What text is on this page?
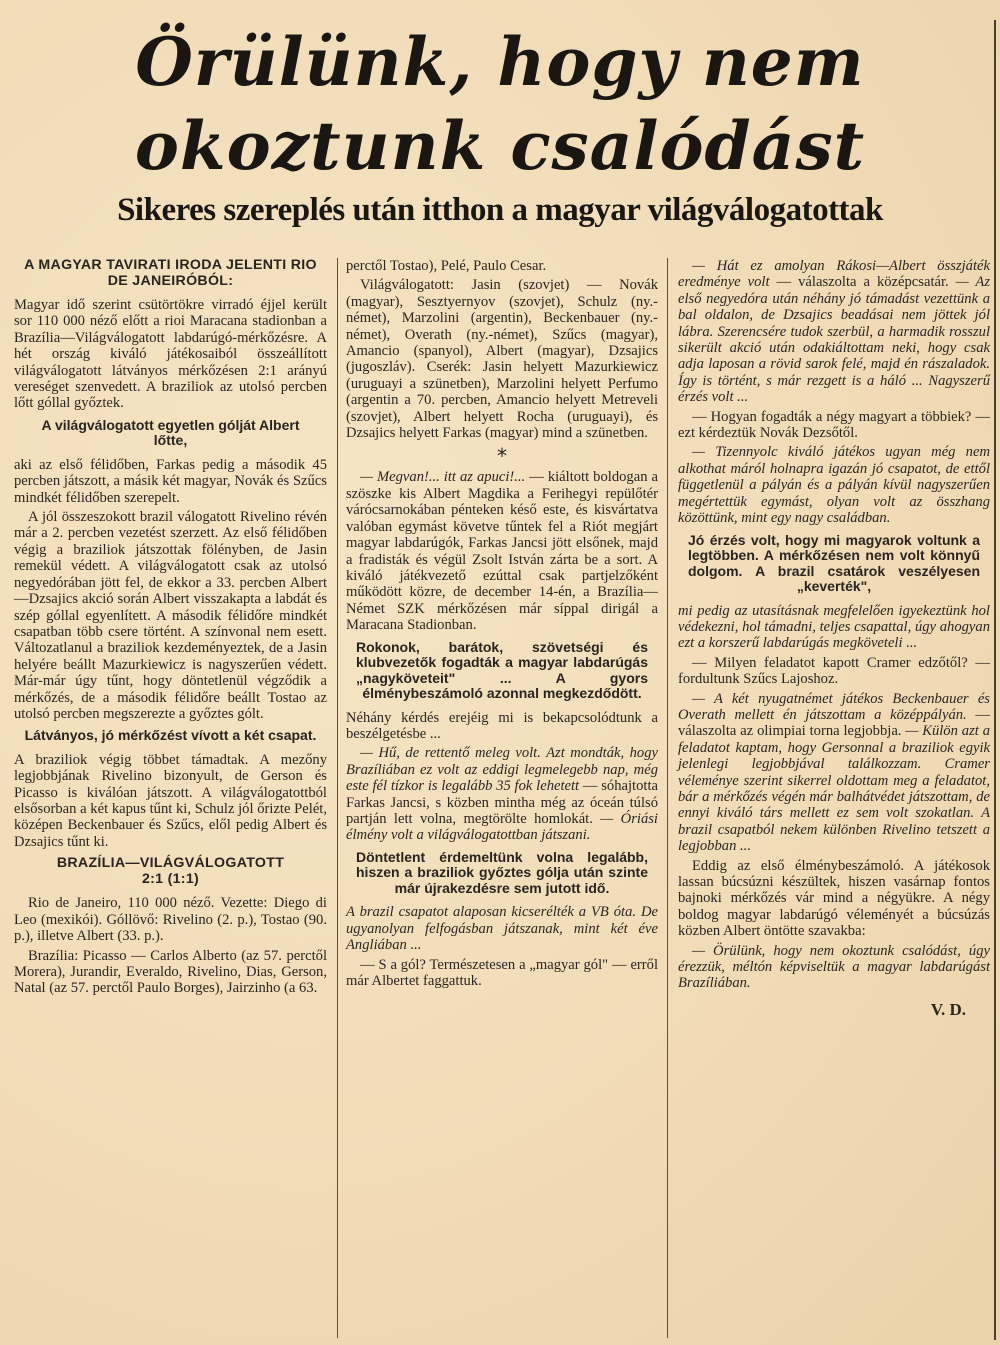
Örülünk, hogy nem
okoztunk csalódást
Sikeres szereplés után itthon a magyar világválogatottak
A MAGYAR TAVIRATI IRODA JELENTI RIO DE JANEIRÓBÓL:

Magyar idő szerint csütörtökre virradó éjjel került sor 110 000 néző előtt a rioi Maracana stadionban a Brazília—Világválogatott labdarúgó-mérkőzésre. A hét ország kiváló játékosaiból összeállított világválogatott látványos mérkőzésen 2:1 arányú vereséget szenvedett. A braziliok az utolsó percben lőtt góllal győztek.

A világválogatott egyetlen gólját Albert lőtte,

aki az első félidőben, Farkas pedig a második 45 percben játszott, a másik két magyar, Novák és Szűcs mindkét félidőben szerepelt.

A jól összeszokott brazil válogatott Rivelino révén már a 2. percben vezetést szerzett. Az első félidőben végig a braziliok játszottak fölényben, de Jasin remekül védett. A világválogatott csak az utolsó negyedórában jött fel, de ekkor a 33. percben Albert—Dzsajics akció során Albert visszakapta a labdát és szép góllal egyenlített. A második félidőre mindkét csapatban több csere történt. A színvonal nem esett. Változatlanul a braziliok kezdeményeztek, de a Jasin helyére beállt Mazurkiewicz is nagyszerűen védett. Már-már úgy tűnt, hogy döntetlenül végződik a mérkőzés, de a második félidőre beállt Tostao az utolsó percben megszerezte a győztes gólt.

Látványos, jó mérkőzést vívott a két csapat.

A braziliok végig többet támadtak. A mezőny legjobbjának Rivelino bizonyult, de Gerson és Picasso is kiválóan játszott. A világválogatottból elsősorban a két kapus tűnt ki, Schulz jól őrizte Pelét, középen Beckenbauer és Szűcs, elől pedig Albert és Dzsajics tűnt ki.

BRAZÍLIA—VILÁGVÁLOGATOTT
2:1 (1:1)

Rio de Janeiro, 110 000 néző. Vezette: Diego di Leo (mexikói). Góllövő: Rivelino (2. p.), Tostao (90. p.), illetve Albert (33. p.).

Brazília: Picasso — Carlos Alberto (az 57. perctől Morera), Jurandir, Everaldo, Rivelino, Dias, Gerson, Natal (az 57. perctől Paulo Borges), Jairzinho (a 63.

perctől Tostao), Pelé, Paulo Cesar.

Világválogatott: Jasin (szovjet) — Novák (magyar), Sesztyernyov (szovjet), Schulz (ny.-német), Marzolini (argentin), Beckenbauer (ny.-német), Overath (ny.-német), Szűcs (magyar), Amancio (spanyol), Albert (magyar), Dzsajics (jugoszláv). Cserék: Jasin helyett Mazurkiewicz (uruguayi a szünetben), Marzolini helyett Perfumo (argentin a 70. percben, Amancio helyett Metreveli (szovjet), Albert helyett Rocha (uruguayi), és Dzsajics helyett Farkas (magyar) mind a szünetben.

*

— Megvan!... itt az apuci!... — kiáltott boldogan a szöszke kis Albert Magdika a Ferihegyi repülőtér várócsarnokában pénteken késő este, és kisvártatva valóban egymást követve tűntek fel a Riót megjárt magyar labdarúgók, Farkas Jancsi jött elsőnek, majd a fradisták és végül Zsolt István zárta be a sort. A kiváló játékvezető ezúttal csak partjelzőként működött közre, de december 14-én, a Brazília—Német SZK mérkőzésen már síppal dirigál a Maracana Stadionban.

Rokonok, barátok, szövetségi és klubvezetők fogadták a magyar labdarúgás „nagyköveteit" ... A gyors élménybeszámoló azonnal megkezdődött.

Néhány kérdés erejéig mi is bekapcsolódtunk a beszélgetésbe ...

— Hű, de rettentő meleg volt. Azt mondták, hogy Brazíliában ez volt az eddigi legmelegebb nap, még este fél tízkor is legalább 35 fok lehetett — sóhajtotta Farkas Jancsi, s közben mintha még az óceán túlsó partján lett volna, megtörölte homlokát. — Óriási élmény volt a világválogatottban játszani.

Döntetlent érdemeltünk volna legalább, hiszen a braziliok győztes gólja után szinte már újrakezdésre sem jutott idő.

A brazil csapatot alaposan kicserélték a VB óta. De ugyanolyan felfogásban játszanak, mint két éve Angliában ...

— S a gól? Természetesen a „magyar gól" — erről már Albertet faggattuk.

— Hát ez amolyan Rákosi—Albert összjáték eredménye volt — válaszolta a középcsatár. — Az első negyedóra után néhány jó támadást vezettünk a bal oldalon, de Dzsajics beadásai nem jöttek jól lábra. Szerencsére tudok szerbül, a harmadik rosszul sikerült akció után odakiáltottam neki, hogy csak adja laposan a rövid sarok felé, majd én rászaladok. Így is történt, s már rezgett is a háló ... Nagyszerű érzés volt ...

— Hogyan fogadták a négy magyart a többiek? — ezt kérdeztük Novák Dezsőtől.

— Tizennyolc kiváló játékos ugyan még nem alkothat máról holnapra igazán jó csapatot, de ettől függetlenül a pályán és a pályán kívül nagyszerűen megértettük egymást, olyan volt az összhang közöttünk, mint egy nagy családban.

Jó érzés volt, hogy mi magyarok voltunk a legtöbben. A mérkőzésen nem volt könnyű dolgom. A brazil csatárok veszélyesen „keverték",

mi pedig az utasításnak megfelelően igyekeztünk hol védekezni, hol támadni, teljes csapattal, úgy ahogyan ezt a korszerű labdarúgás megköveteli ...

— Milyen feladatot kapott Cramer edzőtől? — fordultunk Szűcs Lajoshoz.

— A két nyugatnémet játékos Beckenbauer és Overath mellett én játszottam a középpályán. — válaszolta az olimpiai torna legjobbja. — Külön azt a feladatot kaptam, hogy Gersonnal a braziliok egyik jelenlegi legjobbjával találkozzam. Cramer véleménye szerint sikerrel oldottam meg a feladatot, bár a mérkőzés végén már balhátvédet játszottam, de ennyi kiváló társ mellett ez sem volt szokatlan. A brazil csapatból nekem különben Rivelino tetszett a legjobban ...

Eddig az első élménybeszámoló. A játékosok lassan búcsúzni készültek, hiszen vasárnap fontos bajnoki mérkőzés vár mind a négyükre. A négy boldog magyar labdarúgó véleményét a búcsúzás közben Albert öntötte szavakba:

— Örülünk, hogy nem okoztunk csalódást, úgy érezzük, méltón képviseltük a magyar labdarúgást Brazíliában.

V. D.
